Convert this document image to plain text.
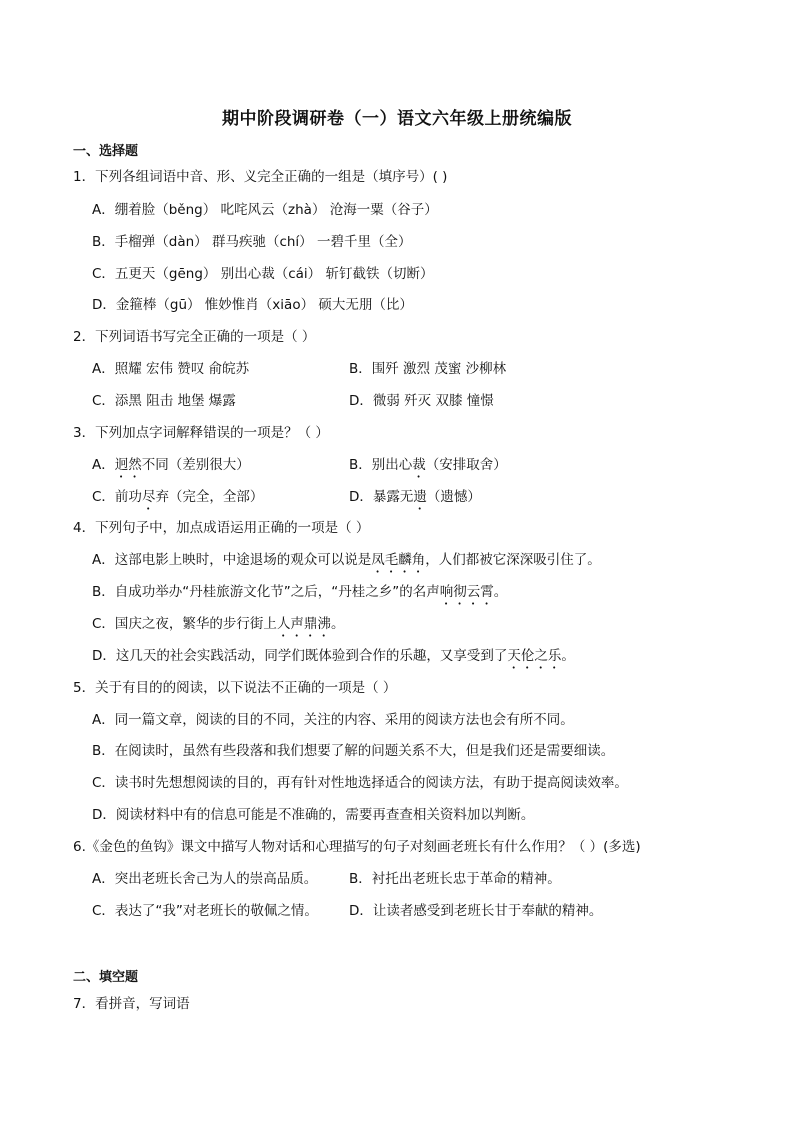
期中阶段调研卷（一）语文六年级上册统编版
一、选择题
1．下列各组词语中音、形、义完全正确的一组是（填序号）( )
A．绷着脸（běng） 叱咤风云（zhà） 沧海一粟（谷子）
B．手榴弹（dàn） 群马疾驰（chí） 一碧千里（全）
C．五更天（gēng） 别出心裁（cái） 斩钉截铁（切断）
D．金箍棒（gū） 惟妙惟肖（xiāo） 硕大无朋（比）
2．下列词语书写完全正确的一项是（ ）
A．照耀 宏伟 赞叹 俞皖苏	B．围歼 激烈 茂蜜 沙柳林
C．添黑 阻击 地堡 爆露	D．微弱 歼灭 双膝 憧憬
3．下列加点字词解释错误的一项是？（ ）
A．迥然不同（差别很大）	B．别出心裁（安排取舍）
C．前功尽弃（完全，全部）	D．暴露无遗（遗憾）
4．下列句子中，加点成语运用正确的一项是（ ）
A．这部电影上映时，中途退场的观众可以说是凤毛麟角，人们都被它深深吸引住了。
B．自成功举办“丹桂旅游文化节”之后，“丹桂之乡”的名声响彻云霄。
C．国庆之夜，繁华的步行街上人声鼎沸。
D．这几天的社会实践活动，同学们既体验到合作的乐趣，又享受到了天伦之乐。
5．关于有目的的阅读，以下说法不正确的一项是（ ）
A．同一篇文章，阅读的目的不同，关注的内容、采用的阅读方法也会有所不同。
B．在阅读时，虽然有些段落和我们想要了解的问题关系不大，但是我们还是需要细读。
C．读书时先想想阅读的目的，再有针对性地选择适合的阅读方法，有助于提高阅读效率。
D．阅读材料中有的信息可能是不准确的，需要再查查相关资料加以判断。
6.《金色的鱼钩》课文中描写人物对话和心理描写的句子对刻画老班长有什么作用？（ ）(多选)
A．突出老班长舍己为人的崇高品质。 B．衬托出老班长忠于革命的精神。
C．表达了“我”对老班长的敬佩之情。 D．让读者感受到老班长甘于奉献的精神。
二、填空题
7．看拼音，写词语
